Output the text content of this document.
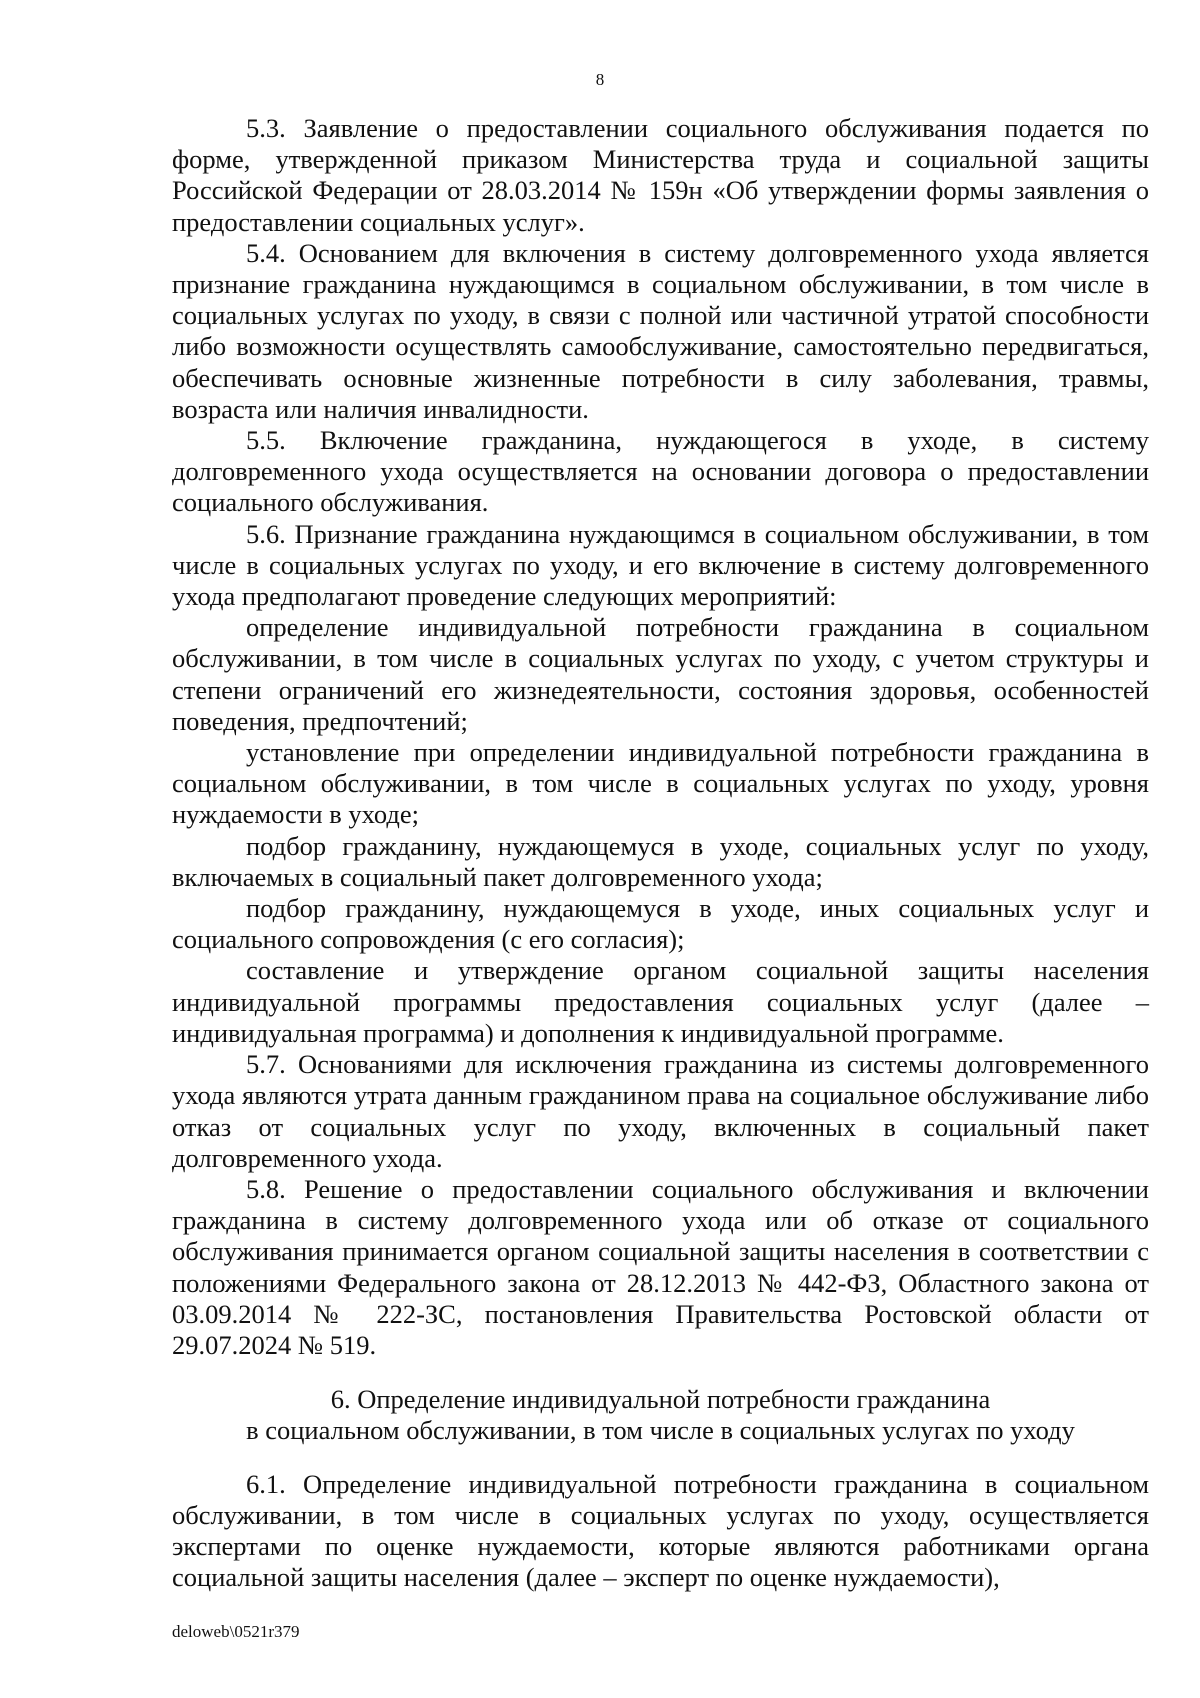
8

5.3. Заявление о предоставлении социального обслуживания подается по форме, утвержденной приказом Министерства труда и социальной защиты Российской Федерации от 28.03.2014 № 159н «Об утверждении формы заявления о предоставлении социальных услуг».

5.4. Основанием для включения в систему долговременного ухода является признание гражданина нуждающимся в социальном обслуживании, в том числе в социальных услугах по уходу, в связи с полной или частичной утратой способности либо возможности осуществлять самообслуживание, самостоятельно передвигаться, обеспечивать основные жизненные потребности в силу заболевания, травмы, возраста или наличия инвалидности.

5.5. Включение гражданина, нуждающегося в уходе, в систему долговременного ухода осуществляется на основании договора о предоставлении социального обслуживания.

5.6. Признание гражданина нуждающимся в социальном обслуживании, в том числе в социальных услугах по уходу, и его включение в систему долговременного ухода предполагают проведение следующих мероприятий:

определение индивидуальной потребности гражданина в социальном обслуживании, в том числе в социальных услугах по уходу, с учетом структуры и степени ограничений его жизнедеятельности, состояния здоровья, особенностей поведения, предпочтений;

установление при определении индивидуальной потребности гражданина в социальном обслуживании, в том числе в социальных услугах по уходу, уровня нуждаемости в уходе;

подбор гражданину, нуждающемуся в уходе, социальных услуг по уходу, включаемых в социальный пакет долговременного ухода;

подбор гражданину, нуждающемуся в уходе, иных социальных услуг и социального сопровождения (с его согласия);

составление и утверждение органом социальной защиты населения индивидуальной программы предоставления социальных услуг (далее – индивидуальная программа) и дополнения к индивидуальной программе.

5.7. Основаниями для исключения гражданина из системы долговременного ухода являются утрата данным гражданином права на социальное обслуживание либо отказ от социальных услуг по уходу, включенных в социальный пакет долговременного ухода.

5.8. Решение о предоставлении социального обслуживания и включении гражданина в систему долговременного ухода или об отказе от социального обслуживания принимается органом социальной защиты населения в соответствии с положениями Федерального закона от 28.12.2013 № 442-ФЗ, Областного закона от 03.09.2014 № 222-ЗС, постановления Правительства Ростовской области от 29.07.2024 № 519.

6. Определение индивидуальной потребности гражданина
в социальном обслуживании, в том числе в социальных услугах по уходу

6.1. Определение индивидуальной потребности гражданина в социальном обслуживании, в том числе в социальных услугах по уходу, осуществляется экспертами по оценке нуждаемости, которые являются работниками органа социальной защиты населения (далее – эксперт по оценке нуждаемости),

deloweb\0521r379
